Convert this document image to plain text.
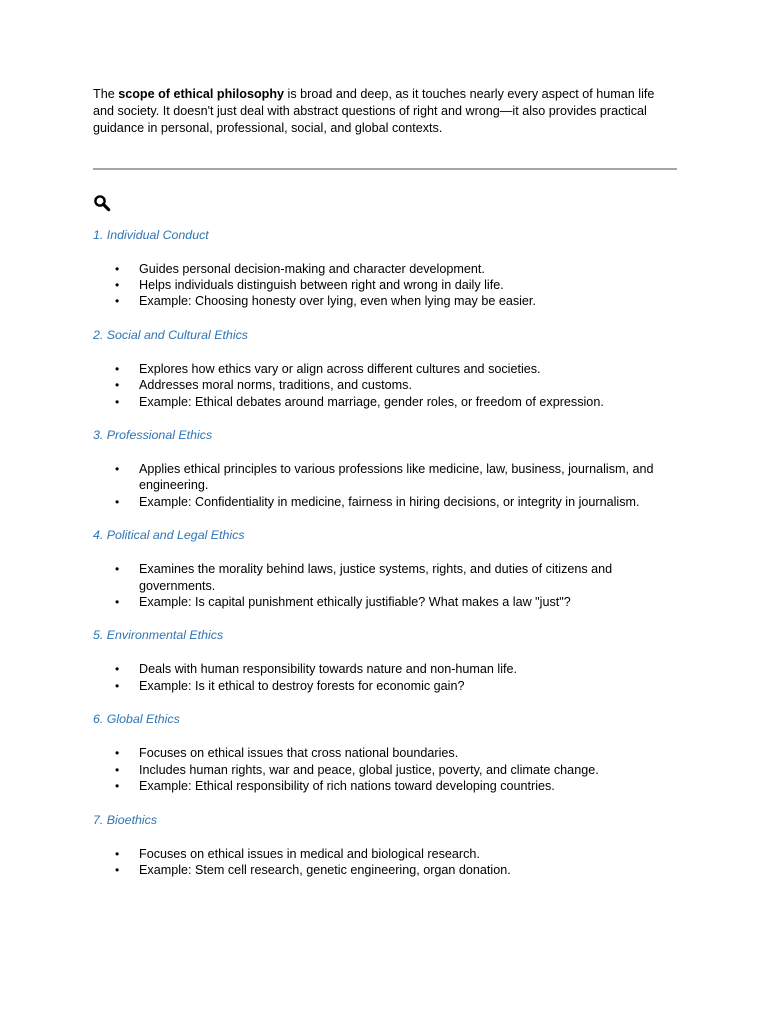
The scope of ethical philosophy is broad and deep, as it touches nearly every aspect of human life and society. It doesn't just deal with abstract questions of right and wrong—it also provides practical guidance in personal, professional, social, and global contexts.

1. Individual Conduct

• Guides personal decision-making and character development.
• Helps individuals distinguish between right and wrong in daily life.
• Example: Choosing honesty over lying, even when lying may be easier.

2. Social and Cultural Ethics

• Explores how ethics vary or align across different cultures and societies.
• Addresses moral norms, traditions, and customs.
• Example: Ethical debates around marriage, gender roles, or freedom of expression.

3. Professional Ethics

• Applies ethical principles to various professions like medicine, law, business, journalism, and engineering.
• Example: Confidentiality in medicine, fairness in hiring decisions, or integrity in journalism.

4. Political and Legal Ethics

• Examines the morality behind laws, justice systems, rights, and duties of citizens and governments.
• Example: Is capital punishment ethically justifiable? What makes a law "just"?

5. Environmental Ethics

• Deals with human responsibility towards nature and non-human life.
• Example: Is it ethical to destroy forests for economic gain?

6. Global Ethics

• Focuses on ethical issues that cross national boundaries.
• Includes human rights, war and peace, global justice, poverty, and climate change.
• Example: Ethical responsibility of rich nations toward developing countries.

7. Bioethics

• Focuses on ethical issues in medical and biological research.
• Example: Stem cell research, genetic engineering, organ donation.
